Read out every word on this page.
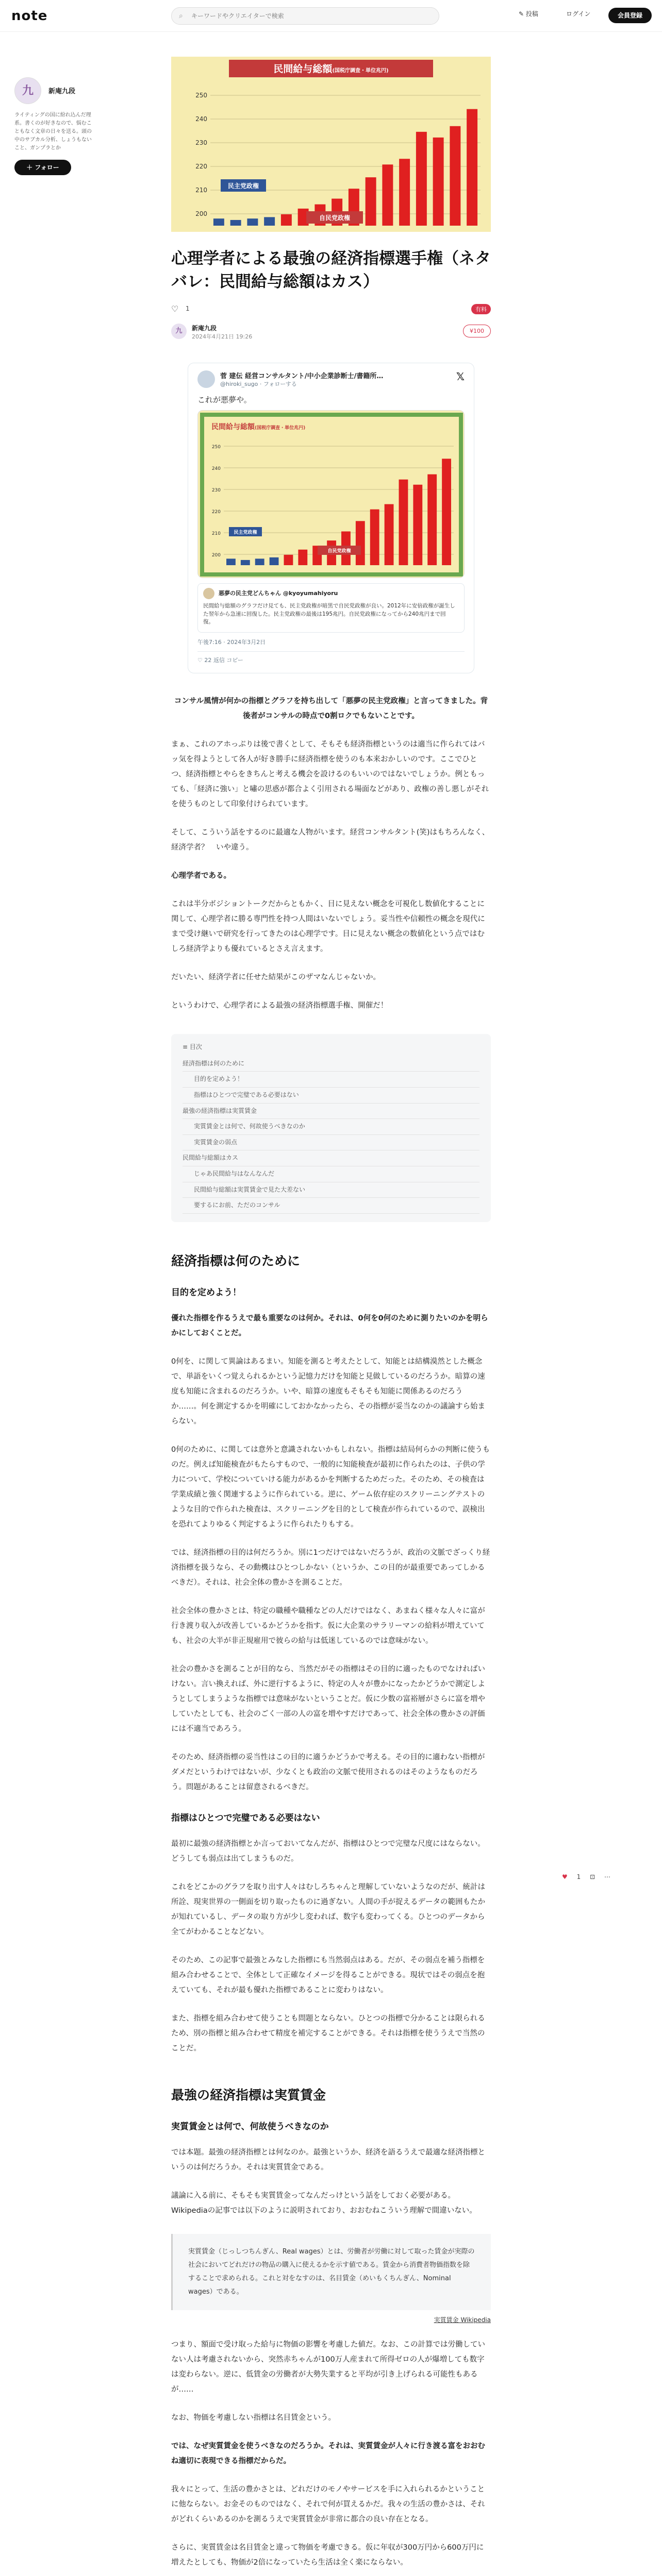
note	⌕
キーワードやクリエイターで検索	✎ 投稿	ログイン	会員登録
九	新庵九段
ライティングの国に紛れ込んだ理系。書くのが好きなので、悩むこともなく文章の日々を送る。頭の中のサブカル分析、しょうもないこと、ガンプラとか
＋ フォロー
民間給与総額(国税庁調査・単位兆円)
200
210
220
230
240
250
民主党政権
自民党政権
心理学者による最強の経済指標選手権（ネタバレ：民間給与総額はカス）
♡ 1	有料
九	新庵九段
2024年4月21日 19:26
¥100
菅 建伝 経営コンサルタント/中小企業診断士/書籍所…
@hiroki_sugo · フォローする
𝕏
これが悪夢や。
民間給与総額(国税庁調査・単位兆円)
200
210
220
230
240
250
民主党政権
自民党政権
悪夢の民主党どんちゃん @kyoyumahiyoru
民間給与総額のグラフだけ見ても、民主党政権が暗黒で自民党政権が良い。2012年に安倍政権が誕生した翌年から急速に回復した。民主党政権の最後は195兆円。自民党政権になってから240兆円まで回復。
午後7:16 · 2024年3月2日
♡ 22 返信 コピー
コンサル風情が何かの指標とグラフを持ち出して「悪夢の民主党政権」と言ってきました。背後者がコンサルの時点で0割ロクでもないことです。
まぁ、これのアホっぷりは後で書くとして、そもそも経済指標というのは適当に作られてはバッ気を得ようとして各人が好き勝手に経済指標を使うのも本来おかしいのです。ここでひとつ、経済指標とやらをきちんと考える機会を設けるのもいいのではないでしょうか。例ともっても、「経済に強い」と嘯の思惑が都合よく引用される場面などがあり、政権の善し悪しがそれを使うものとして印象付けられています。
そして、こういう話をするのに最適な人物がいます。経営コンサルタント(笑)はもちろんなく、経済学者？　いや違う。
心理学者である。
これは半分ボジショントークだからともかく、目に見えない概念を可視化し数値化することに関して、心理学者に勝る専門性を持つ人間はいないでしょう。妥当性や信頼性の概念を現代にまで受け継いで研究を行ってきたのは心理学です。目に見えない概念の数値化という点ではむしろ経済学よりも優れているとさえ言えます。
だいたい、経済学者に任せた結果がこのザマなんじゃないか。
というわけで、心理学者による最強の経済指標選手権、開催だ！
≡ 目次
経済指標は何のために
目的を定めよう！
指標はひとつで完璧である必要はない
最強の経済指標は実質賃金
実質賃金とは何で、何故使うべきなのか
実質賃金の弱点
民間給与総額はカス
じゃあ民間給与はなんなんだ
民間給与総額は実質賃金で見た大差ない
要するにお前、ただのコンサル
経済指標は何のために
目的を定めよう！
優れた指標を作るうえで最も重要なのは何か。それは、0何を0何のために測りたいのかを明らかにしておくことだ。
0何を、に関して異論はあるまい。知能を測ると考えたとして、知能とは結構漠然とした概念で、単語をいくつ覚えられるかという記憶力だけを知能と見做しているのだろうか。暗算の速度も知能に含まれるのだろうか。いや、暗算の速度もそもそも知能に関係あるのだろうか……。何を測定するかを明確にしておかなかったら、その指標が妥当なのかの議論すら始まらない。
0何のために、に関しては意外と意識されないかもしれない。指標は結局何らかの判断に使うものだ。例えば知能検査がもたらすもので、一般的に知能検査が最初に作られたのは、子供の学力について、学校についていける能力があるかを判断するためだった。そのため、その検査は学業成績と強く関連するように作られている。逆に、ゲーム依存症のスクリーニングテストのような目的で作られた検査は、スクリーニングを目的として検査が作られているので、誤検出を恐れてよりゆるく判定するように作られたりもする。
では、経済指標の目的は何だろうか。別に1つだけではないだろうが、政治の文脈でざっくり経済指標を扱うなら、その動機はひとつしかない（というか、この目的が最重要であってしかるべきだ）。それは、社会全体の豊かさを測ることだ。
社会全体の豊かさとは、特定の職種や職種などの人だけではなく、あまねく様々な人々に富が行き渡り収入が改善しているかどうかを指す。仮に大企業のサラリーマンの給料が増えていても、社会の大半が非正規雇用で彼らの給与は低迷しているのでは意味がない。
社会の豊かさを測ることが目的なら、当然だがその指標はその目的に適ったものでなければいけない。言い換えれば、外に逆行するように、特定の人々が豊かになったかどうかで測定しようとしてしまうような指標では意味がないということだ。仮に少数の富裕層がさらに富を増やしていたとしても、社会のごく一部の人の富を増やすだけであって、社会全体の豊かさの評価には不適当であろう。
そのため、経済指標の妥当性はこの目的に適うかどうかで考える。その目的に適わない指標がダメだというわけではないが、少なくとも政治の文脈で使用されるのはそのようなものだろう。問題があることは留意されるべきだ。
指標はひとつで完璧である必要はない
最初に最強の経済指標とか言っておいてなんだが、指標はひとつで完璧な尺度にはならない。どうしても弱点は出てしまうものだ。
これをどこかのグラフを取り出す人々はむしろちゃんと理解していないようなのだが、統計は所詮、現実世界の一側面を切り取ったものに過ぎない。人間の手が捉えるデータの範囲もたかが知れているし、データの取り方が少し変われば、数字も変わってくる。ひとつのデータから全てがわかることなどない。
そのため、この記事で最強とみなした指標にも当然弱点はある。だが、その弱点を補う指標を組み合わせることで、全体として正確なイメージを得ることができる。現状ではその弱点を抱えていても、それが最も優れた指標であることに変わりはない。
また、指標を組み合わせて使うことも問題とならない。ひとつの指標で分かることは限られるため、別の指標と組み合わせて精度を補完することができる。それは指標を使ううえで当然のことだ。
最強の経済指標は実質賃金
実質賃金とは何で、何故使うべきなのか
では本題。最強の経済指標とは何なのか。最強というか、経済を語るうえで最適な経済指標というのは何だろうか。それは実質賃金である。
議論に入る前に、そもそも実質賃金ってなんだっけという話をしておく必要がある。Wikipediaの記事では以下のように説明されており、おおむねこういう理解で間違いない。
実質賃金（じっしつちんぎん、Real wages）とは、労働者が労働に対して取った賃金が実際の社会においてどれだけの物品の購入に使えるかを示す値である。賃金から消費者物価指数を除することで求められる。これと対をなすのは、名目賃金（めいもくちんぎん、Nominal wages）である。
実質賃金 Wikipedia
つまり、額面で受け取った給与に物価の影響を考慮した値だ。なお、この計算では労働していない人は考慮されないから、突然赤ちゃんが100万人産まれて所得ゼロの人が爆増しても数字は変わらない。逆に、低賃金の労働者が大勢失業すると平均が引き上げられる可能性もあるが……
なお、物価を考慮しない指標は名目賃金という。
では、なぜ実質賃金を使うべきなのだろうか。それは、実質賃金が人々に行き渡る富をおおむね適切に表現できる指標だからだ。
我々にとって、生活の豊かさとは、どれだけのモノやサービスを手に入れられるかということに他ならない。お金そのものではなく、それで何が買えるかだ。我々の生活の豊かさは、それがどれくらいあるのかを測るうえで実質賃金が非常に都合の良い存在となる。
さらに、実質賃金は名目賃金と違って物価を考慮できる。仮に年収が300万円から600万円に増えたとしても、物価が2倍になっていたら生活は全く楽にならない。
♥ 1 ⊡ ⋯
